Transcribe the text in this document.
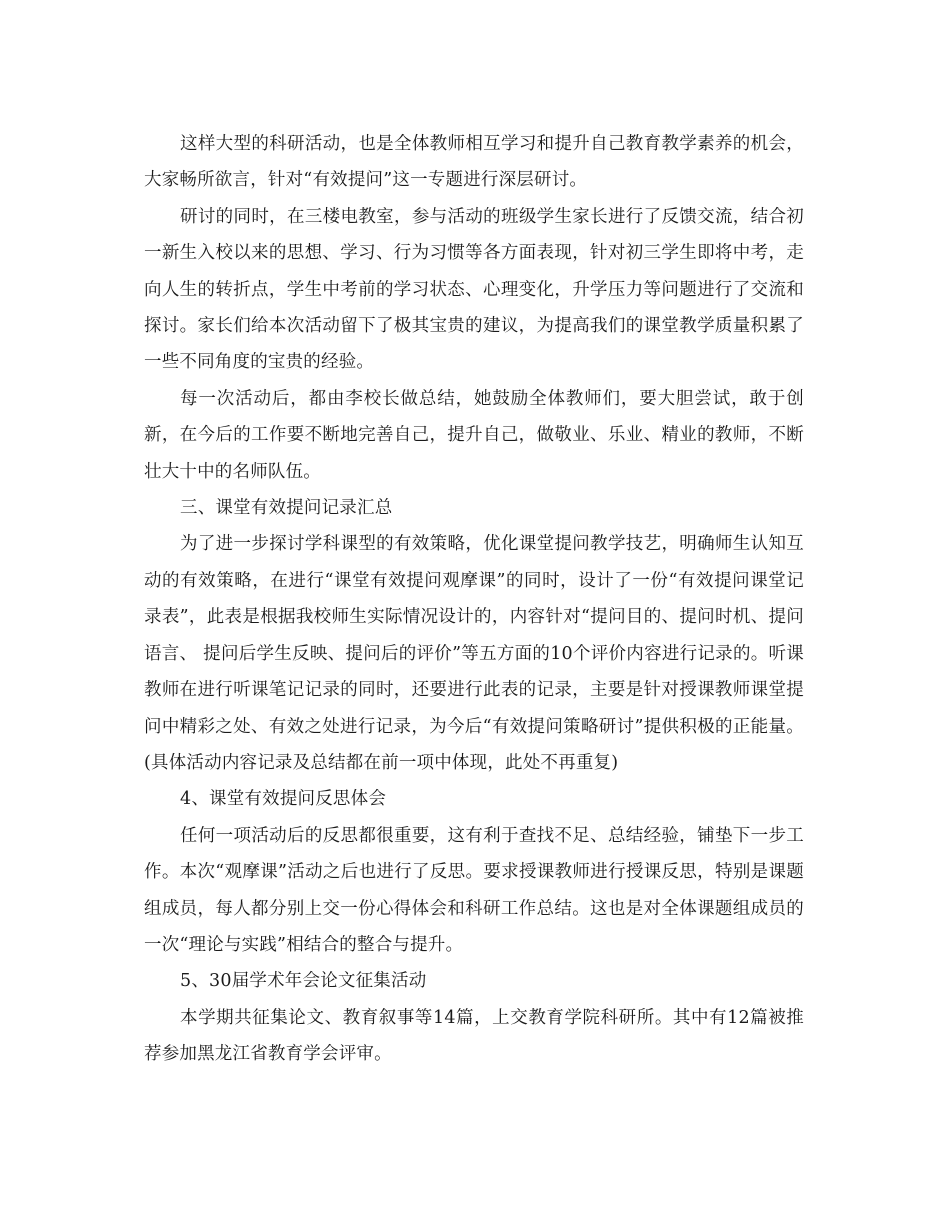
这样大型的科研活动，也是全体教师相互学习和提升自己教育教学素养的机会，大家畅所欲言，针对“有效提问”这一专题进行深层研讨。

研讨的同时，在三楼电教室，参与活动的班级学生家长进行了反馈交流，结合初一新生入校以来的思想、学习、行为习惯等各方面表现，针对初三学生即将中考，走向人生的转折点，学生中考前的学习状态、心理变化，升学压力等问题进行了交流和探讨。家长们给本次活动留下了极其宝贵的建议，为提高我们的课堂教学质量积累了一些不同角度的宝贵的经验。

每一次活动后，都由李校长做总结，她鼓励全体教师们，要大胆尝试，敢于创新，在今后的工作要不断地完善自己，提升自己，做敬业、乐业、精业的教师，不断壮大十中的名师队伍。

三、课堂有效提问记录汇总

为了进一步探讨学科课型的有效策略，优化课堂提问教学技艺，明确师生认知互动的有效策略，在进行“课堂有效提问观摩课”的同时，设计了一份“有效提问课堂记录表”，此表是根据我校师生实际情况设计的，内容针对“提问目的、提问时机、提问语言、 提问后学生反映、提问后的评价”等五方面的10个评价内容进行记录的。听课教师在进行听课笔记记录的同时，还要进行此表的记录，主要是针对授课教师课堂提问中精彩之处、有效之处进行记录，为今后“有效提问策略研讨”提供积极的正能量。(具体活动内容记录及总结都在前一项中体现，此处不再重复)

4、课堂有效提问反思体会

任何一项活动后的反思都很重要，这有利于查找不足、总结经验，铺垫下一步工作。本次“观摩课”活动之后也进行了反思。要求授课教师进行授课反思，特别是课题组成员，每人都分别上交一份心得体会和科研工作总结。这也是对全体课题组成员的一次“理论与实践”相结合的整合与提升。

5、30届学术年会论文征集活动

本学期共征集论文、教育叙事等14篇，上交教育学院科研所。其中有12篇被推荐参加黑龙江省教育学会评审。
